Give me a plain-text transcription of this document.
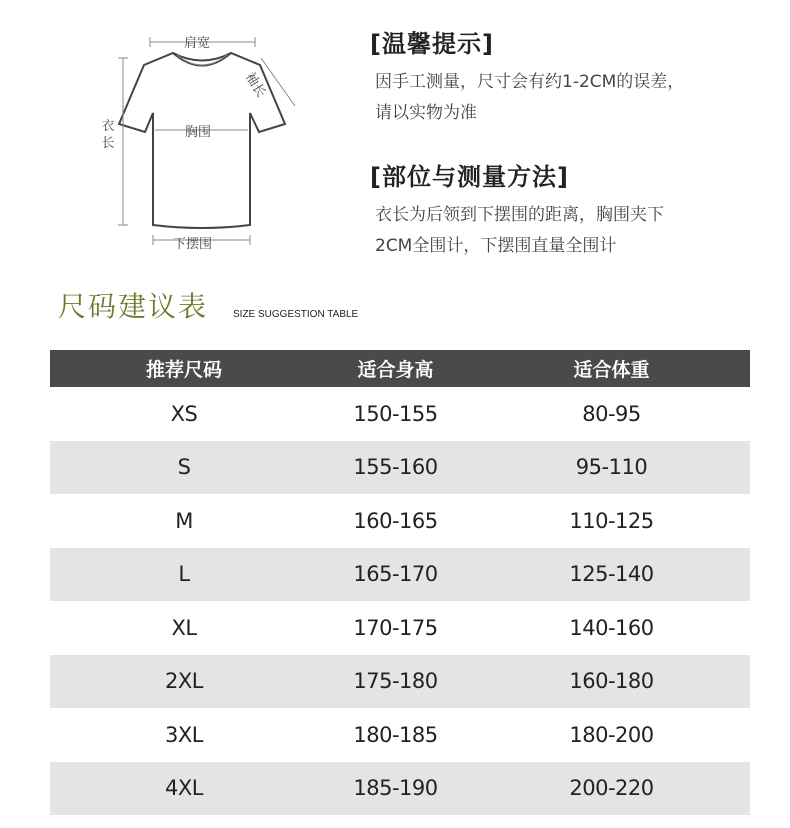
肩宽
袖长
胸围
衣长
下摆围
[温馨提示]
因手工测量，尺寸会有约1-2CM的误差，
请以实物为准
[部位与测量方法]
衣长为后领到下摆围的距离，胸围夹下
2CM全围计，下摆围直量全围计
尺码建议表 SIZE SUGGESTION TABLE
推荐尺码	适合身高	适合体重
XS	150-155	80-95
S	155-160	95-110
M	160-165	110-125
L	165-170	125-140
XL	170-175	140-160
2XL	175-180	160-180
3XL	180-185	180-200
4XL	185-190	200-220
